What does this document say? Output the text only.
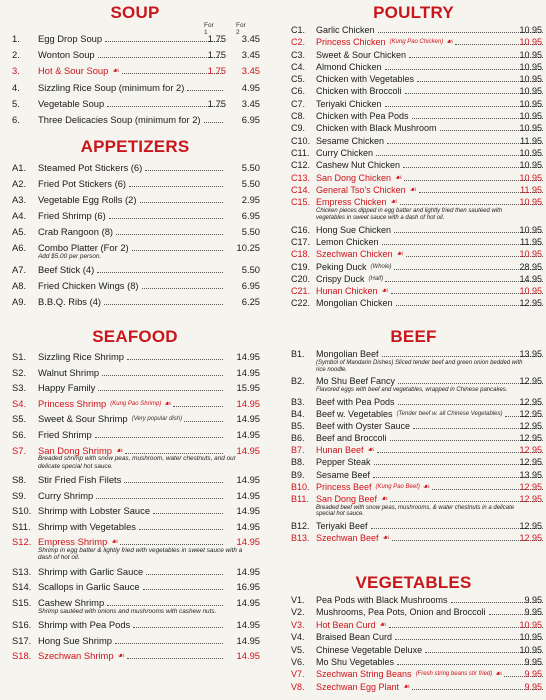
SOUP
For 1
For 2
1. Egg Drop Soup	1.75	3.45
2. Wonton Soup	1.75	3.45
3. Hot & Sour Soup ☙	1.75	3.45
4. Sizzling Rice Soup (minimum for 2)	4.95
5. Vegetable Soup	1.75	3.45
6. Three Delicacies Soup (minimum for 2)	6.95
APPETIZERS
A1. Steamed Pot Stickers (6)	5.50
A2. Fried Pot Stickers (6)	5.50
A3. Vegetable Egg Rolls (2)	2.95
A4. Fried Shrimp (6)	6.95
A5. Crab Rangoon (8)	5.50
A6. Combo Platter (For 2)	10.25
Add $5.00 per person.
A7. Beef Stick (4)	5.50
A8. Fried Chicken Wings (8)	6.95
A9. B.B.Q. Ribs (4)	6.25
SEAFOOD
S1. Sizzling Rice Shrimp	14.95
S2. Walnut Shrimp	14.95
S3. Happy Family	15.95
S4. Princess Shrimp (Kung Pao Shrimp) ☙	14.95
S5. Sweet & Sour Shrimp (Very popular dish)	14.95
S6. Fried Shrimp	14.95
S7. San Dong Shrimp ☙	14.95
Breaded shrimp with snow peas, mushroom, water chestnuts, and our delicate special hot sauce.
S8. Stir Fried Fish Filets	14.95
S9. Curry Shrimp	14.95
S10. Shrimp with Lobster Sauce	14.95
S11. Shrimp with Vegetables	14.95
S12. Empress Shrimp ☙	14.95
Shrimp in egg batter & lightly fried with vegetables in sweet sauce with a dash of hot oil.
S13. Shrimp with Garlic Sauce	14.95
S14. Scallops in Garlic Sauce	16.95
S15. Cashew Shrimp	14.95
Shrimp sautéed with onions and mushrooms with cashew nuts.
S16. Shrimp with Pea Pods	14.95
S17. Hong Sue Shrimp	14.95
S18. Szechwan Shrimp ☙	14.95
POULTRY
C1. Garlic Chicken	10.95
C2. Princess Chicken (Kung Pao Chicken) ☙	10.95
C3. Sweet & Sour Chicken	10.95
C4. Almond Chicken	10.95
C5. Chicken with Vegetables	10.95
C6. Chicken with Broccoli	10.95
C7. Teriyaki Chicken	10.95
C8. Chicken with Pea Pods	10.95
C9. Chicken with Black Mushroom	10.95
C10. Sesame Chicken	11.95
C11. Curry Chicken	10.95
C12. Cashew Nut Chicken	10.95
C13. San Dong Chicken ☙	10.95
C14. General Tso's Chicken ☙	11.95
C15. Empress Chicken ☙	10.95
Chicken pieces dipped in egg batter and lightly fried then sautéed with vegetables in sweet sauce with a dash of hot oil.
C16. Hong Sue Chicken	10.95
C17. Lemon Chicken	11.95
C18. Szechwan Chicken ☙	10.95
C19. Peking Duck (Whole)	28.95
C20. Crispy Duck (Half)	14.95
C21. Hunan Chicken ☙	10.95
C22. Mongolian Chicken	12.95
BEEF
B1. Mongolian Beef	13.95
(Symbol of Mandarin Dishes) Sliced tender beef and green onion bedded with rice noodle.
B2. Mo Shu Beef Fancy	12.95
Flavored eggs with beef and vegetables, wrapped in Chinese pancakes.
B3. Beef with Pea Pods	12.95
B4. Beef w. Vegetables (Tender beef w. all Chinese Vegetables)	12.95
B5. Beef with Oyster Sauce	12.95
B6. Beef and Broccoli	12.95
B7. Hunan Beef ☙	12.95
B8. Pepper Steak	12.95
B9. Sesame Beef	13.95
B10. Princess Beef (Kung Pao Beef) ☙	12.95
B11. San Dong Beef ☙	12.95
Breaded beef with snow peas, mushrooms, & water chestnuts in a delicate special hot sauce.
B12. Teriyaki Beef	12.95
B13. Szechwan Beef ☙	12.95
VEGETABLES
V1. Pea Pods with Black Mushrooms	9.95
V2. Mushrooms, Pea Pots, Onion and Broccoli	9.95
V3. Hot Bean Curd ☙	10.95
V4. Braised Bean Curd	10.95
V5. Chinese Vegetable Deluxe	10.95
V6. Mo Shu Vegetables	9.95
V7. Szechwan String Beans (Fresh string beans stir fried) ☙	9.95
V8. Szechwan Egg Plant ☙	9.95
